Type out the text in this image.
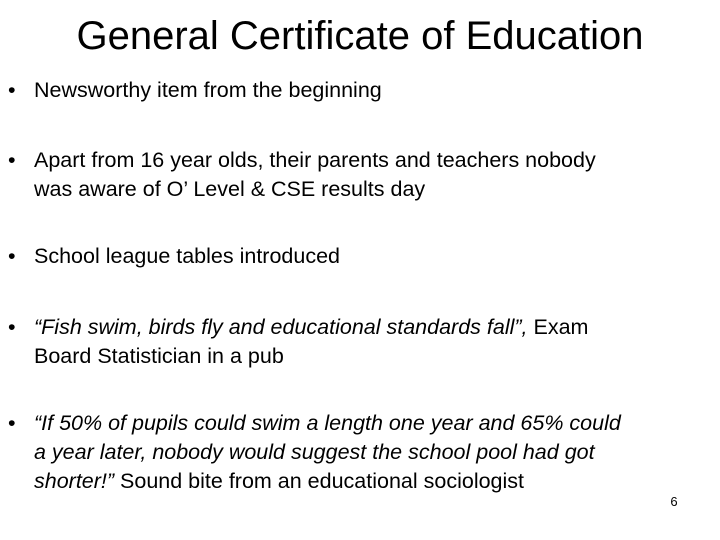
General Certificate of Education
• Newsworthy item from the beginning
• Apart from 16 year olds, their parents and teachers nobody
was aware of O’ Level & CSE results day
• School league tables introduced
• “Fish swim, birds fly and educational standards fall”, Exam
Board Statistician in a pub
• “If 50% of pupils could swim a length one year and 65% could
a year later, nobody would suggest the school pool had got
shorter!” Sound bite from an educational sociologist
6
